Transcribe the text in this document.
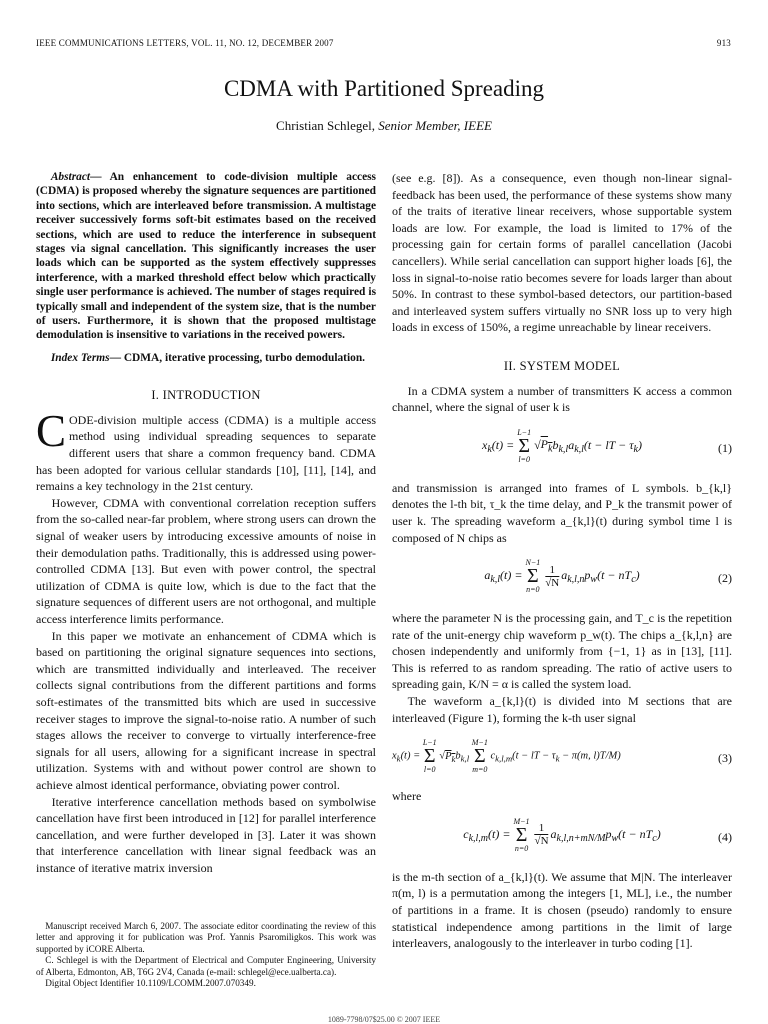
IEEE COMMUNICATIONS LETTERS, VOL. 11, NO. 12, DECEMBER 2007	913
CDMA with Partitioned Spreading
Christian Schlegel, Senior Member, IEEE

Abstract— An enhancement to code-division multiple access (CDMA) is proposed whereby the signature sequences are partitioned into sections, which are interleaved before transmission. A multistage receiver successively forms soft-bit estimates based on the received sections, which are used to reduce the interference in subsequent stages via signal cancellation. This significantly increases the user loads which can be supported as the system effectively suppresses interference, with a marked threshold effect below which practically single user performance is achieved. The number of stages required is typically small and independent of the system size, that is the number of users. Furthermore, it is shown that the proposed multistage demodulation is insensitive to variations in the received powers.

Index Terms— CDMA, iterative processing, turbo demodulation.

I. INTRODUCTION

CODE-division multiple access (CDMA) is a multiple access method using individual spreading sequences to separate different users that share a common frequency band. CDMA has been adopted for various cellular standards [10], [11], [14], and remains a key technology in the 21st century.

However, CDMA with conventional correlation reception suffers from the so-called near-far problem, where strong users can drown the signal of weaker users by introducing excessive amounts of noise in their demodulation paths. Traditionally, this is addressed using power-controlled CDMA [13]. But even with power control, the spectral utilization of CDMA is quite low, which is due to the fact that the signature sequences of different users are not orthogonal, and multiple access interference limits performance.

In this paper we motivate an enhancement of CDMA which is based on partitioning the original signature sequences into sections, which are transmitted individually and interleaved. The receiver collects signal contributions from the different partitions and forms soft-estimates of the transmitted bits which are used in successive receiver stages to improve the signal-to-noise ratio. A number of such stages allows the receiver to converge to virtually interference-free signals for all users, allowing for a significant increase in spectral utilization. Systems with and without power control are shown to achieve almost identical performance, obviating power control.

Iterative interference cancellation methods based on symbolwise cancellation have first been introduced in [12] for parallel interference cancellation, and were further developed in [3]. Later it was shown that interference cancellation with linear signal feedback was an instance of iterative matrix inversion

Manuscript received March 6, 2007. The associate editor coordinating the review of this letter and approving it for publication was Prof. Yannis Psaromiligkos. This work was supported by iCORE Alberta.

C. Schlegel is with the Department of Electrical and Computer Engineering, University of Alberta, Edmonton, AB, T6G 2V4, Canada (e-mail: schlegel@ece.ualberta.ca).

Digital Object Identifier 10.1109/LCOMM.2007.070349.

(see e.g. [8]). As a consequence, even though non-linear signal-feedback has been used, the performance of these systems show many of the traits of iterative linear receivers, whose supportable system loads are low. For example, the load is limited to 17% of the processing gain for certain forms of parallel cancellation (Jacobi cancellers). While serial cancellation can support higher loads [6], the loss in signal-to-noise ratio becomes severe for loads larger than about 50%. In contrast to these symbol-based detectors, our partition-based and interleaved system suffers virtually no SNR loss up to very high loads in excess of 150%, a regime unreachable by linear receivers.

II. SYSTEM MODEL

In a CDMA system a number of transmitters K access a common channel, where the signal of user k is

$x_k(t)$ =
L−1
Σ
l=0
$√P_kb_{k,l}a_{k,l}(t$ − lT − $\tau_k$)	(1)

and transmission is arranged into frames of L symbols. b_{k,l} denotes the l-th bit, τ_k the time delay, and P_k the transmit power of user k. The spreading waveform a_{k,l}(t) during symbol time l is composed of N chips as

$a_{k,l}(t)$ =
N−1
Σ
n=0

$\frac{1}{√N} a_{k,l,n}p_w(t - nT_c)$	(2)

where the parameter N is the processing gain, and T_c is the repetition rate of the unit-energy chip waveform p_w(t). The chips a_{k,l,n} are chosen independently and uniformly from {−1, 1} as in [13], [11]. This is referred to as random spreading. The ratio of active users to spreading gain, K/N = α is called the system load.

The waveform a_{k,l}(t) is divided into M sections that are interleaved (Figure 1), forming the k-th user signal

$x_k(t)$ =
L−1
Σ
l=0
$√P_kb_{k,l}$
M−1
Σ
m=0
$c_{k,l,m}(t$ − lT − $\tau_k - \pi(m$, l)T/M)	(3)

where

$c_{k,l,m}(t)$ =
M−1
Σ
n=0

$\frac{1}{√N} a_{k,l,n+mN/M}p_w(t - nT_c)$	(4)

is the m-th section of a_{k,l}(t). We assume that M|N. The interleaver π(m, l) is a permutation among the integers [1, ML], i.e., the number of partitions in a frame. It is chosen (pseudo) randomly to ensure statistical independence among partitions in the limit of large interleavers, analogously to the interleaver in turbo coding [1].

1089-7798/07$25.00 © 2007 IEEE
